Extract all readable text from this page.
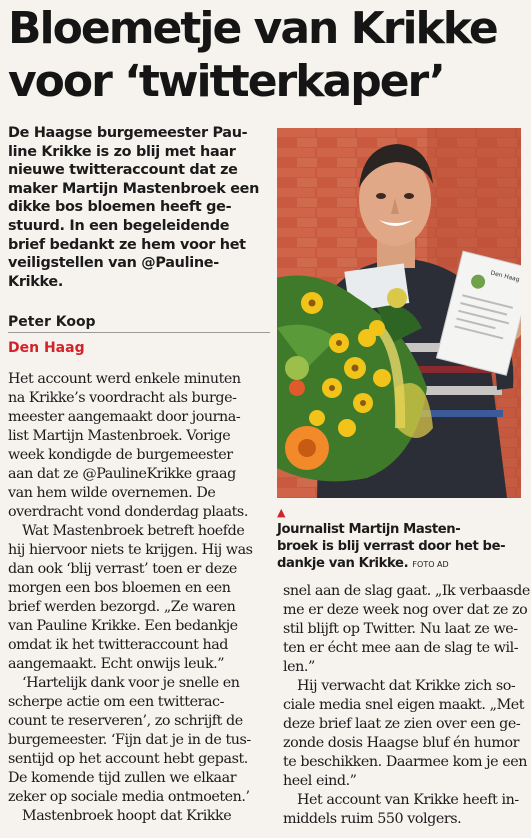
Bloemetje van Krikke
voor ‘twitterkaper’
De Haagse burgemeester Pau-
line Krikke is zo blij met haar
nieuwe twitteraccount dat ze
maker Martijn Mastenbroek een
dikke bos bloemen heeft ge-
stuurd. In een begeleidende
brief bedankt ze hem voor het
veiligstellen van @Pauline-
Krikke.
Peter Koop
Den Haag
Het account werd enkele minuten
na Krikke’s voordracht als burge-
meester aangemaakt door journa-
list Martijn Mastenbroek. Vorige
week kondigde de burgemeester
aan dat ze @PaulineKrikke graag
van hem wilde overnemen. De
overdracht vond donderdag plaats.
Wat Mastenbroek betreft hoefde
hij hiervoor niets te krijgen. Hij was
dan ook ‘blij verrast’ toen er deze
morgen een bos bloemen en een
brief werden bezorgd. „Ze waren
van Pauline Krikke. Een bedankje
omdat ik het twitteraccount had
aangemaakt. Echt onwijs leuk.”
‘Hartelijk dank voor je snelle en
scherpe actie om een twitterac-
count te reserveren’, zo schrijft de
burgemeester. ‘Fijn dat je in de tus-
sentijd op het account hebt gepast.
De komende tijd zullen we elkaar
zeker op sociale media ontmoeten.’
Mastenbroek hoopt dat Krikke
Den Haag
▲
Journalist Martijn Masten-
broek is blij verrast door het be-
dankje van Krikke. FOTO AD
snel aan de slag gaat. „Ik verbaasde
me er deze week nog over dat ze zo
stil blijft op Twitter. Nu laat ze we-
ten er écht mee aan de slag te wil-
len.”
Hij verwacht dat Krikke zich so-
ciale media snel eigen maakt. „Met
deze brief laat ze zien over een ge-
zonde dosis Haagse bluf én humor
te beschikken. Daarmee kom je een
heel eind.”
Het account van Krikke heeft in-
middels ruim 550 volgers.
